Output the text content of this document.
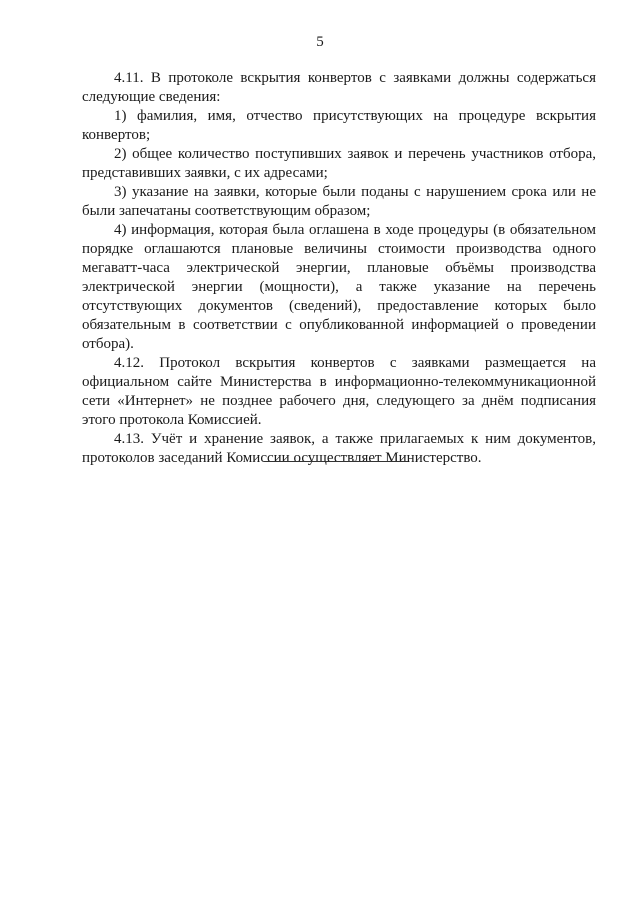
5

4.11. В протоколе вскрытия конвертов с заявками должны содержаться следующие сведения:

1) фамилия, имя, отчество присутствующих на процедуре вскрытия конвертов;

2) общее количество поступивших заявок и перечень участников отбора, представивших заявки, с их адресами;

3) указание на заявки, которые были поданы с нарушением срока или не были запечатаны соответствующим образом;

4) информация, которая была оглашена в ходе процедуры (в обязательном порядке оглашаются плановые величины стоимости производства одного мегаватт-часа электрической энергии, плановые объёмы производства электрической энергии (мощности), а также указание на перечень отсутствующих документов (сведений), предоставление которых было обязательным в соответствии с опубликованной информацией о проведении отбора).

4.12. Протокол вскрытия конвертов с заявками размещается на официальном сайте Министерства в информационно-телекоммуникационной сети «Интернет» не позднее рабочего дня, следующего за днём подписания этого протокола Комиссией.

4.13. Учёт и хранение заявок, а также прилагаемых к ним документов, протоколов заседаний Комиссии осуществляет Министерство.
